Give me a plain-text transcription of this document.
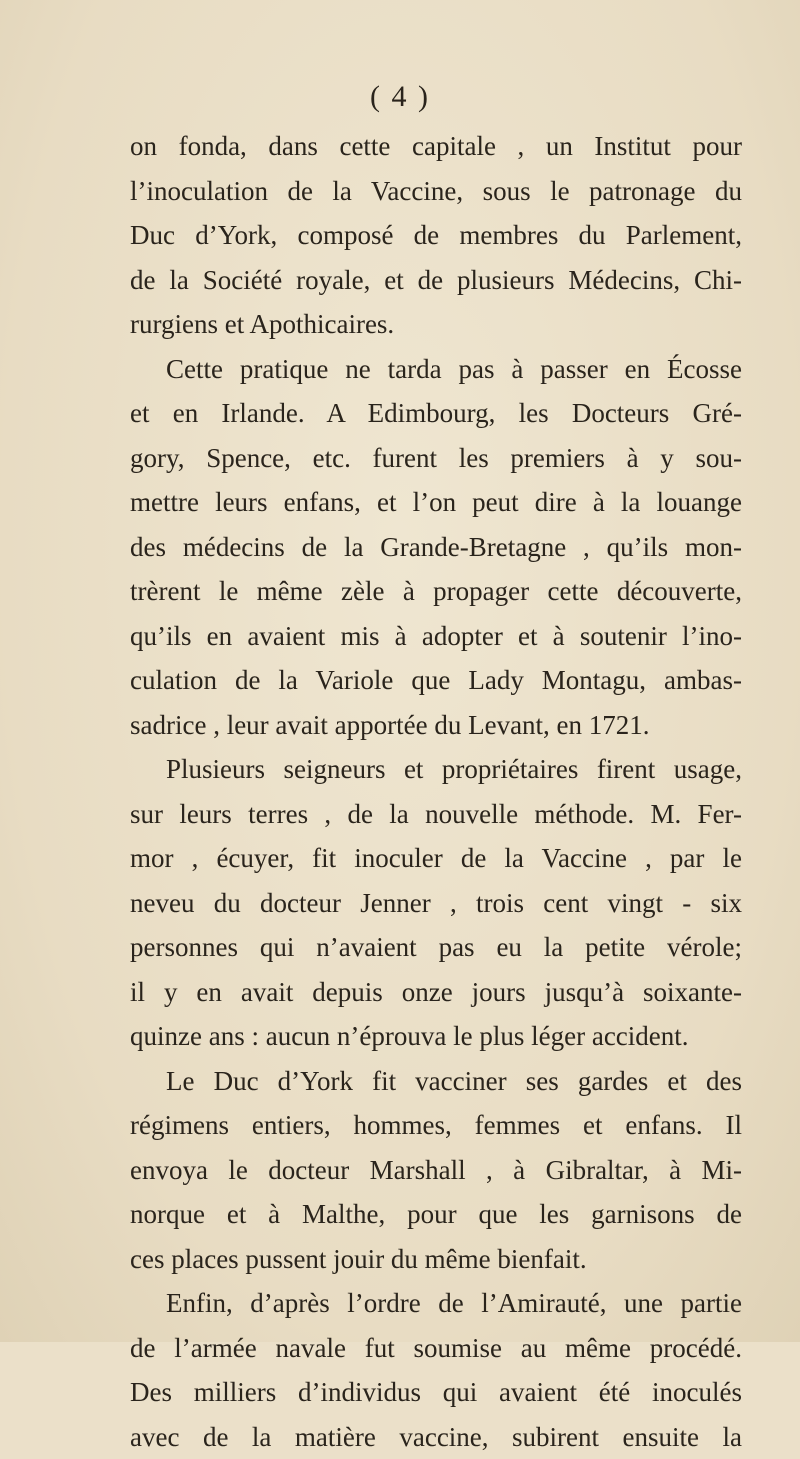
( 4 )
on fonda, dans cette capitale , un Institut pour
l’inoculation de la Vaccine, sous le patronage du
Duc d’York, composé de membres du Parlement,
de la Société royale, et de plusieurs Médecins, Chi-
rurgiens et Apothicaires.
Cette pratique ne tarda pas à passer en Écosse
et en Irlande. A Edimbourg, les Docteurs Gré-
gory, Spence, etc. furent les premiers à y sou-
mettre leurs enfans, et l’on peut dire à la louange
des médecins de la Grande-Bretagne , qu’ils mon-
trèrent le même zèle à propager cette découverte,
qu’ils en avaient mis à adopter et à soutenir l’ino-
culation de la Variole que Lady Montagu, ambas-
sadrice , leur avait apportée du Levant, en 1721.
Plusieurs seigneurs et propriétaires firent usage,
sur leurs terres , de la nouvelle méthode. M. Fer-
mor , écuyer, fit inoculer de la Vaccine , par le
neveu du docteur Jenner , trois cent vingt - six
personnes qui n’avaient pas eu la petite vérole;
il y en avait depuis onze jours jusqu’à soixante-
quinze ans : aucun n’éprouva le plus léger accident.
Le Duc d’York fit vacciner ses gardes et des
régimens entiers, hommes, femmes et enfans. Il
envoya le docteur Marshall , à Gibraltar, à Mi-
norque et à Malthe, pour que les garnisons de
ces places pussent jouir du même bienfait.
Enfin, d’après l’ordre de l’Amirauté, une partie
de l’armée navale fut soumise au même procédé.
Des milliers d’individus qui avaient été inoculés
avec de la matière vaccine, subirent ensuite la
